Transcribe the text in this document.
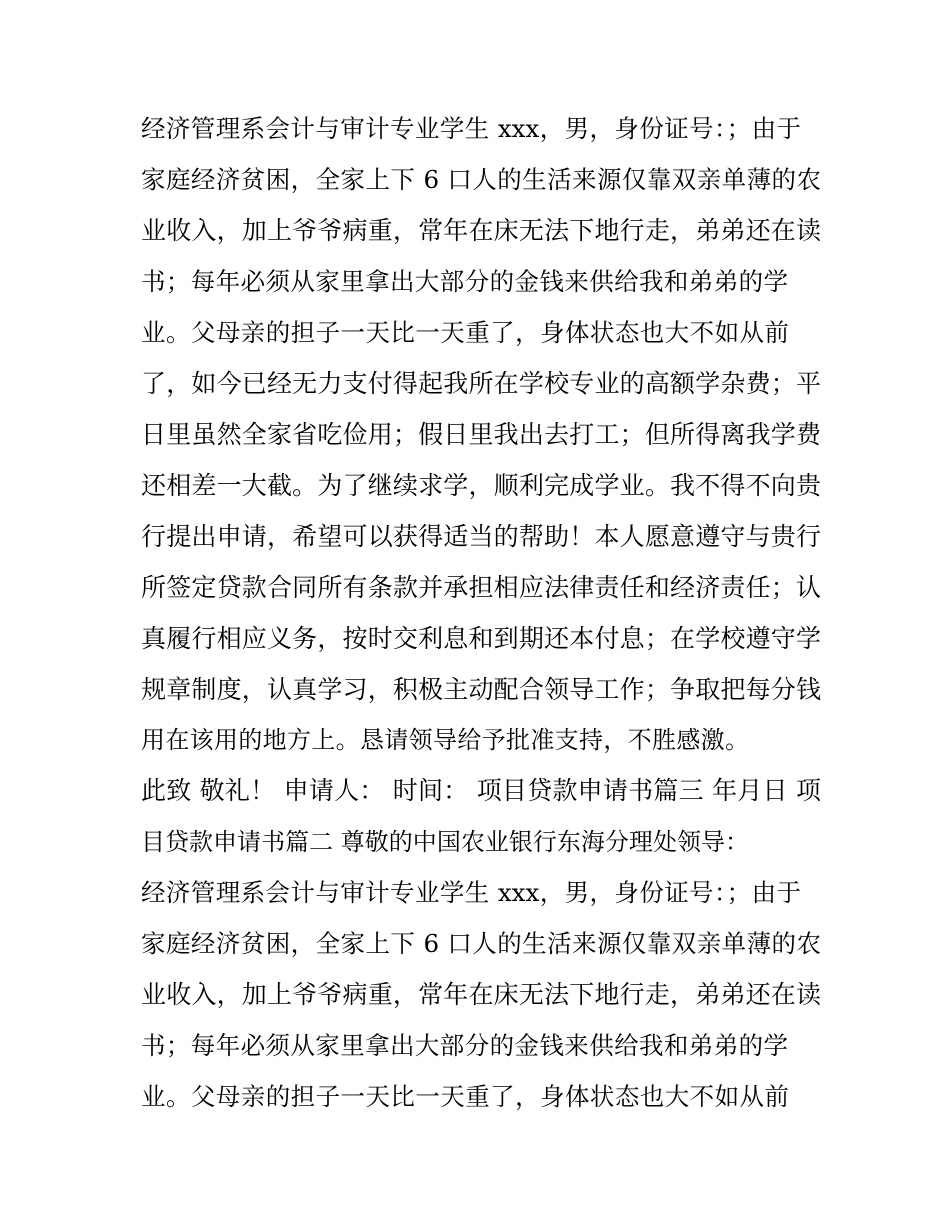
经济管理系会计与审计专业学生 xxx，男，身份证号：；由于
家庭经济贫困，全家上下 6 口人的生活来源仅靠双亲单薄的农
业收入，加上爷爷病重，常年在床无法下地行走，弟弟还在读
书；每年必须从家里拿出大部分的金钱来供给我和弟弟的学
业。父母亲的担子一天比一天重了，身体状态也大不如从前
了，如今已经无力支付得起我所在学校专业的高额学杂费；平
日里虽然全家省吃俭用；假日里我出去打工；但所得离我学费
还相差一大截。为了继续求学，顺利完成学业。我不得不向贵
行提出申请，希望可以获得适当的帮助！本人愿意遵守与贵行
所签定贷款合同所有条款并承担相应法律责任和经济责任；认
真履行相应义务，按时交利息和到期还本付息；在学校遵守学
规章制度，认真学习，积极主动配合领导工作；争取把每分钱
用在该用的地方上。恳请领导给予批准支持，不胜感激。
此致 敬礼！ 申请人： 时间： 项目贷款申请书篇三 年月日 项
目贷款申请书篇二 尊敬的中国农业银行东海分理处领导：
经济管理系会计与审计专业学生 xxx，男，身份证号：；由于
家庭经济贫困，全家上下 6 口人的生活来源仅靠双亲单薄的农
业收入，加上爷爷病重，常年在床无法下地行走，弟弟还在读
书；每年必须从家里拿出大部分的金钱来供给我和弟弟的学
业。父母亲的担子一天比一天重了，身体状态也大不如从前
